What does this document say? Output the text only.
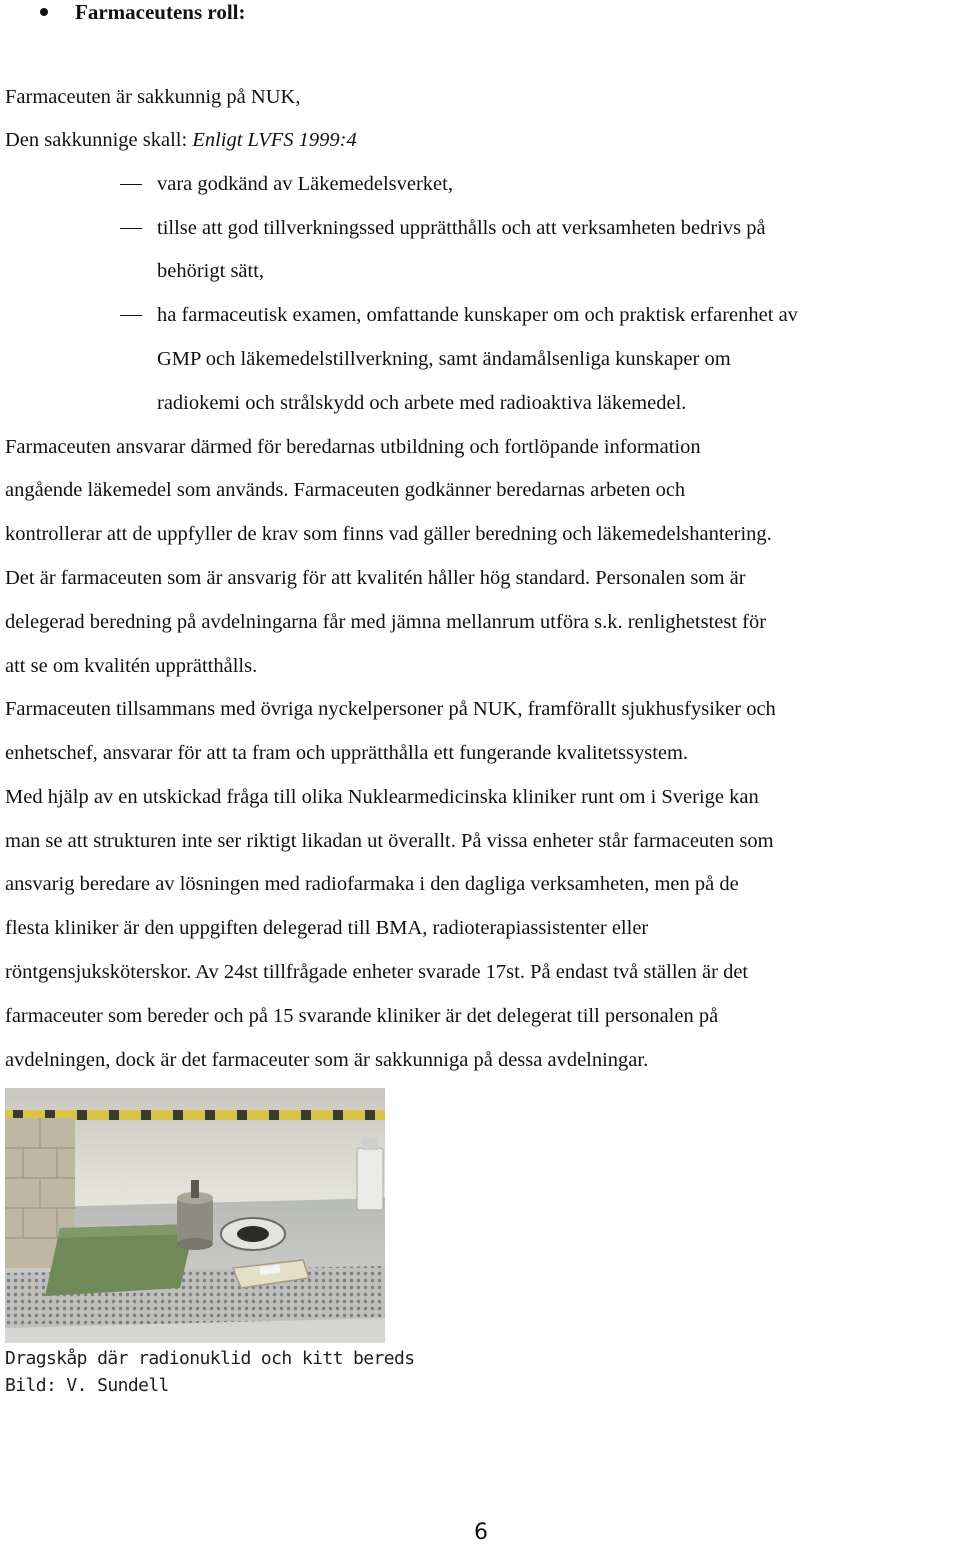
Farmaceutens roll:
Farmaceuten är sakkunnig på NUK,
Den sakkunnige skall: Enligt LVFS 1999:4
vara godkänd av Läkemedelsverket,
tillse att god tillverkningssed upprätthålls och att verksamheten bedrivs på
behörigt sätt,
ha farmaceutisk examen, omfattande kunskaper om och praktisk erfarenhet av
GMP och läkemedelstillverkning, samt ändamålsenliga kunskaper om
radiokemi och strålskydd och arbete med radioaktiva läkemedel.
Farmaceuten ansvarar därmed för beredarnas utbildning och fortlöpande information
angående läkemedel som används. Farmaceuten godkänner beredarnas arbeten och
kontrollerar att de uppfyller de krav som finns vad gäller beredning och läkemedelshantering.
Det är farmaceuten som är ansvarig för att kvalitén håller hög standard. Personalen som är
delegerad beredning på avdelningarna får med jämna mellanrum utföra s.k. renlighetstest för
att se om kvalitén upprätthålls.
Farmaceuten tillsammans med övriga nyckelpersoner på NUK, framförallt sjukhusfysiker och
enhetschef, ansvarar för att ta fram och upprätthålla ett fungerande kvalitetssystem.
Med hjälp av en utskickad fråga till olika Nuklearmedicinska kliniker runt om i Sverige kan
man se att strukturen inte ser riktigt likadan ut överallt. På vissa enheter står farmaceuten som
ansvarig beredare av lösningen med radiofarmaka i den dagliga verksamheten, men på de
flesta kliniker är den uppgiften delegerad till BMA, radioterapiassistenter eller
röntgensjuksköterskor. Av 24st tillfrågade enheter svarade 17st. På endast två ställen är det
farmaceuter som bereder och på 15 svarande kliniker är det delegerat till personalen på
avdelningen, dock är det farmaceuter som är sakkunniga på dessa avdelningar.
Dragskåp där radionuklid och kitt bereds
Bild: V. Sundell
6
